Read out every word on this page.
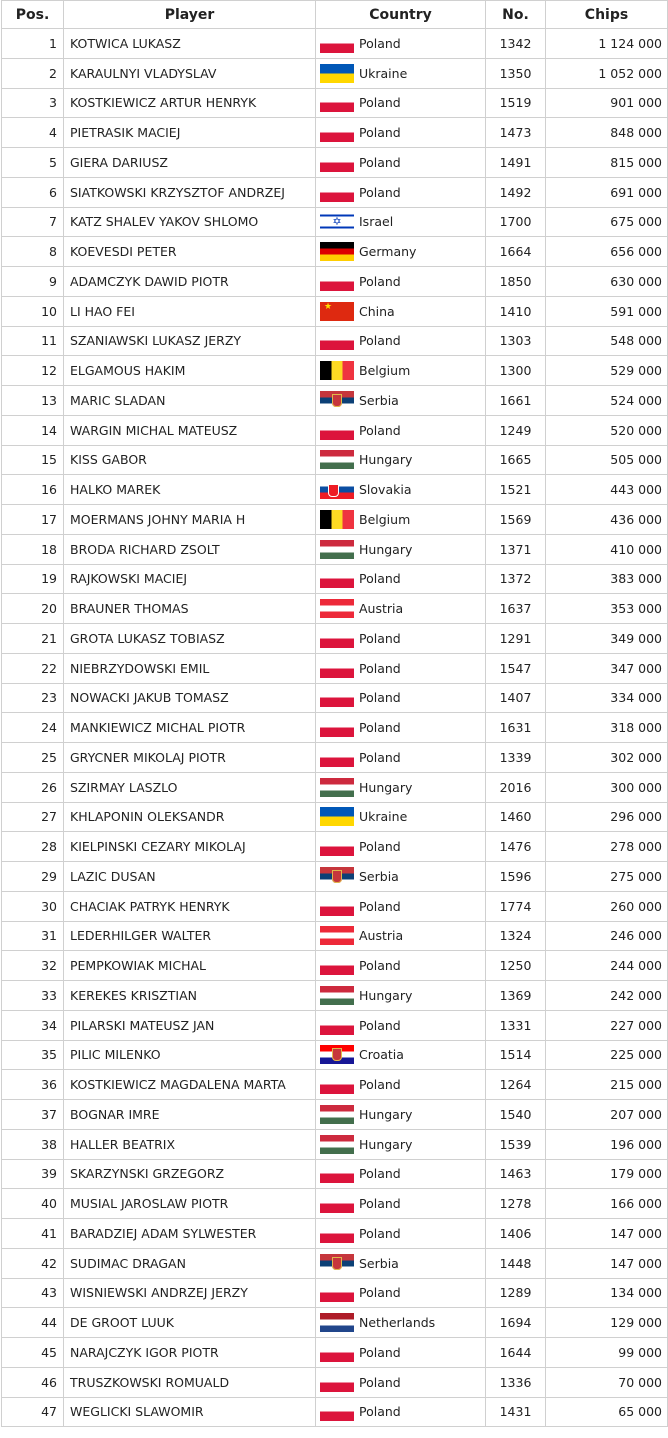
Pos.	Player	Country	No.	Chips
1	KOTWICA LUKASZ	Poland	1342	1 124 000
2	KARAULNYI VLADYSLAV	Ukraine	1350	1 052 000
3	KOSTKIEWICZ ARTUR HENRYK	Poland	1519	901 000
4	PIETRASIK MACIEJ	Poland	1473	848 000
5	GIERA DARIUSZ	Poland	1491	815 000
6	SIATKOWSKI KRZYSZTOF ANDRZEJ	Poland	1492	691 000
7	KATZ SHALEV YAKOV SHLOMO	✡ Israel	1700	675 000
8	KOEVESDI PETER	Germany	1664	656 000
9	ADAMCZYK DAWID PIOTR	Poland	1850	630 000
10	LI HAO FEI	★ China	1410	591 000
11	SZANIAWSKI LUKASZ JERZY	Poland	1303	548 000
12	ELGAMOUS HAKIM	Belgium	1300	529 000
13	MARIC SLADAN	Serbia	1661	524 000
14	WARGIN MICHAL MATEUSZ	Poland	1249	520 000
15	KISS GABOR	Hungary	1665	505 000
16	HALKO MAREK	Slovakia	1521	443 000
17	MOERMANS JOHNY MARIA H	Belgium	1569	436 000
18	BRODA RICHARD ZSOLT	Hungary	1371	410 000
19	RAJKOWSKI MACIEJ	Poland	1372	383 000
20	BRAUNER THOMAS	Austria	1637	353 000
21	GROTA LUKASZ TOBIASZ	Poland	1291	349 000
22	NIEBRZYDOWSKI EMIL	Poland	1547	347 000
23	NOWACKI JAKUB TOMASZ	Poland	1407	334 000
24	MANKIEWICZ MICHAL PIOTR	Poland	1631	318 000
25	GRYCNER MIKOLAJ PIOTR	Poland	1339	302 000
26	SZIRMAY LASZLO	Hungary	2016	300 000
27	KHLAPONIN OLEKSANDR	Ukraine	1460	296 000
28	KIELPINSKI CEZARY MIKOLAJ	Poland	1476	278 000
29	LAZIC DUSAN	Serbia	1596	275 000
30	CHACIAK PATRYK HENRYK	Poland	1774	260 000
31	LEDERHILGER WALTER	Austria	1324	246 000
32	PEMPKOWIAK MICHAL	Poland	1250	244 000
33	KEREKES KRISZTIAN	Hungary	1369	242 000
34	PILARSKI MATEUSZ JAN	Poland	1331	227 000
35	PILIC MILENKO	Croatia	1514	225 000
36	KOSTKIEWICZ MAGDALENA MARTA	Poland	1264	215 000
37	BOGNAR IMRE	Hungary	1540	207 000
38	HALLER BEATRIX	Hungary	1539	196 000
39	SKARZYNSKI GRZEGORZ	Poland	1463	179 000
40	MUSIAL JAROSLAW PIOTR	Poland	1278	166 000
41	BARADZIEJ ADAM SYLWESTER	Poland	1406	147 000
42	SUDIMAC DRAGAN	Serbia	1448	147 000
43	WISNIEWSKI ANDRZEJ JERZY	Poland	1289	134 000
44	DE GROOT LUUK	Netherlands	1694	129 000
45	NARAJCZYK IGOR PIOTR	Poland	1644	99 000
46	TRUSZKOWSKI ROMUALD	Poland	1336	70 000
47	WEGLICKI SLAWOMIR	Poland	1431	65 000
